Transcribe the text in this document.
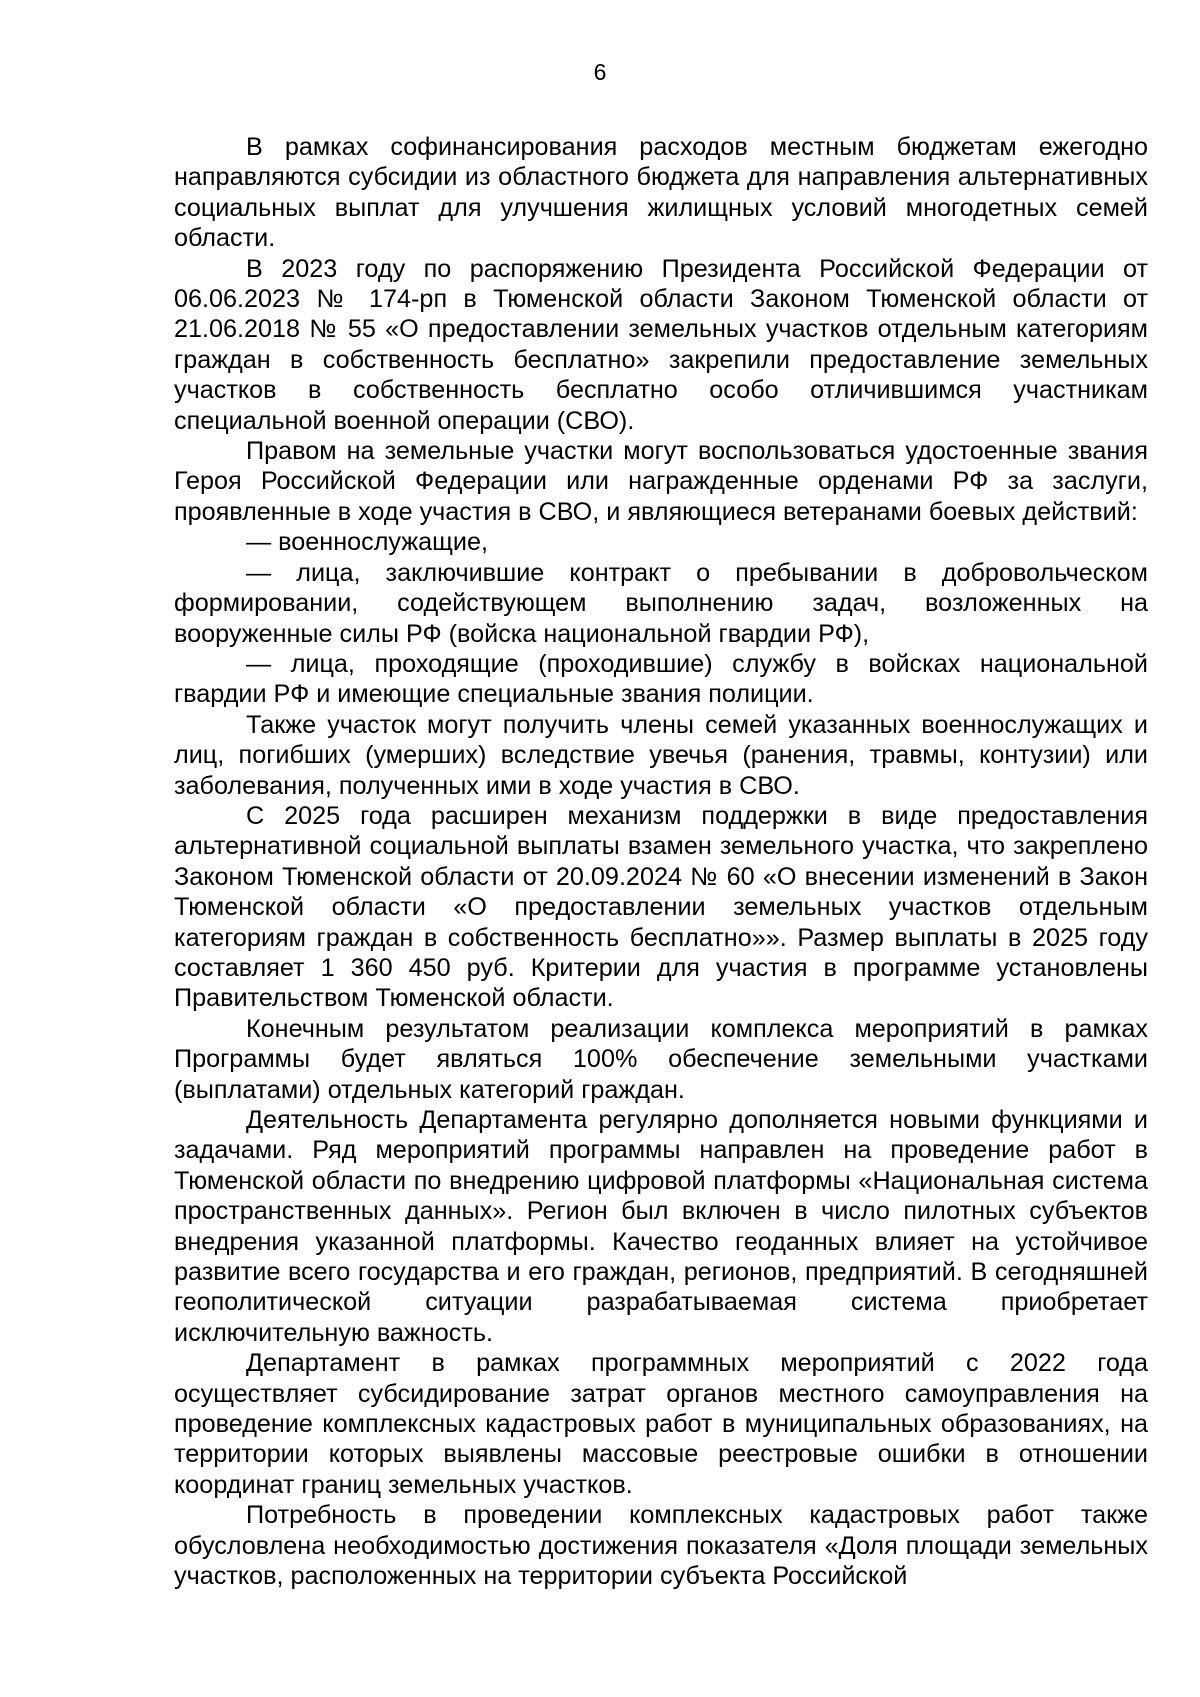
6

В рамках софинансирования расходов местным бюджетам ежегодно направляются субсидии из областного бюджета для направления альтернативных социальных выплат для улучшения жилищных условий многодетных семей области.

В 2023 году по распоряжению Президента Российской Федерации от 06.06.2023 № 174-рп в Тюменской области Законом Тюменской области от 21.06.2018 № 55 «О предоставлении земельных участков отдельным категориям граждан в собственность бесплатно» закрепили предоставление земельных участков в собственность бесплатно особо отличившимся участникам специальной военной операции (СВО).

Правом на земельные участки могут воспользоваться удостоенные звания Героя Российской Федерации или награжденные орденами РФ за заслуги, проявленные в ходе участия в СВО, и являющиеся ветеранами боевых действий:

— военнослужащие,

— лица, заключившие контракт о пребывании в добровольческом формировании, содействующем выполнению задач, возложенных на вооруженные силы РФ (войска национальной гвардии РФ),

— лица, проходящие (проходившие) службу в войсках национальной гвардии РФ и имеющие специальные звания полиции.

Также участок могут получить члены семей указанных военнослужащих и лиц, погибших (умерших) вследствие увечья (ранения, травмы, контузии) или заболевания, полученных ими в ходе участия в СВО.

С 2025 года расширен механизм поддержки в виде предоставления альтернативной социальной выплаты взамен земельного участка, что закреплено Законом Тюменской области от 20.09.2024 № 60 «О внесении изменений в Закон Тюменской области «О предоставлении земельных участков отдельным категориям граждан в собственность бесплатно»». Размер выплаты в 2025 году составляет 1 360 450 руб. Критерии для участия в программе установлены Правительством Тюменской области.

Конечным результатом реализации комплекса мероприятий в рамках Программы будет являться 100% обеспечение земельными участками (выплатами) отдельных категорий граждан.

Деятельность Департамента регулярно дополняется новыми функциями и задачами. Ряд мероприятий программы направлен на проведение работ в Тюменской области по внедрению цифровой платформы «Национальная система пространственных данных». Регион был включен в число пилотных субъектов внедрения указанной платформы. Качество геоданных влияет на устойчивое развитие всего государства и его граждан, регионов, предприятий. В сегодняшней геополитической ситуации разрабатываемая система приобретает исключительную важность.

Департамент в рамках программных мероприятий с 2022 года осуществляет субсидирование затрат органов местного самоуправления на проведение комплексных кадастровых работ в муниципальных образованиях, на территории которых выявлены массовые реестровые ошибки в отношении координат границ земельных участков.

Потребность в проведении комплексных кадастровых работ также обусловлена необходимостью достижения показателя «Доля площади земельных участков, расположенных на территории субъекта Российской
